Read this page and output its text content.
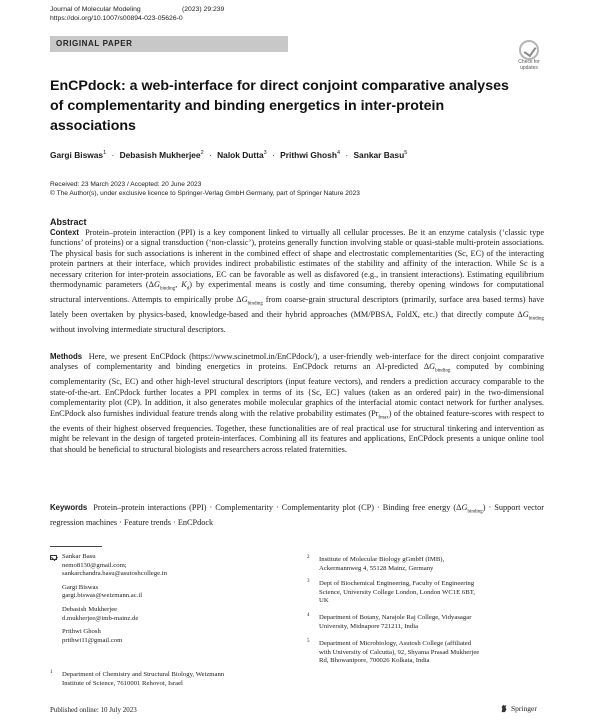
Journal of Molecular Modeling	(2023) 29:239
https://doi.org/10.1007/s00894-023-05626-0
ORIGINAL PAPER
Check for
updates
EnCPdock: a web-interface for direct conjoint comparative analyses of complementarity and binding energetics in inter-protein associations
Gargi Biswas$^1$ · Debasish Mukherjee$^2$ · Nalok Dutta$^3$ · Prithwi Ghosh$^4$ · Sankar Basu$^5$
Received: 23 March 2023 / Accepted: 20 June 2023
© The Author(s), under exclusive licence to Springer-Verlag GmbH Germany, part of Springer Nature 2023
Abstract

Context Protein–protein interaction (PPI) is a key component linked to virtually all cellular processes. Be it an enzyme catalysis (‘classic type functions’ of proteins) or a signal transduction (‘non-classic’), proteins generally function involving stable or quasi-stable multi-protein associations. The physical basis for such associations is inherent in the combined effect of shape and electrostatic complementarities (Sc, EC) of the interacting protein partners at their interface, which provides indirect probabilistic estimates of the stability and affinity of the interaction. While Sc is a necessary criterion for inter-protein associations, EC can be favorable as well as disfavored (e.g., in transient interactions). Estimating equilibrium thermodynamic parameters ($\Delta G_{binding}$, $K_d$) by experimental means is costly and time consuming, thereby opening windows for computational structural interventions. Attempts to empirically probe $\Delta G_{binding}$ from coarse-grain structural descriptors (primarily, surface area based terms) have lately been overtaken by physics-based, knowledge-based and their hybrid approaches (MM/PBSA, FoldX, etc.) that directly compute $\Delta G_{binding}$ without involving intermediate structural descriptors.

Methods Here, we present EnCPdock (https://www.scinetmol.in/EnCPdock/), a user-friendly web-interface for the direct conjoint comparative analyses of complementarity and binding energetics in proteins. EnCPdock returns an AI-predicted $\Delta G_{binding}$ computed by combining complementarity (Sc, EC) and other high-level structural descriptors (input feature vectors), and renders a prediction accuracy comparable to the state-of-the-art. EnCPdock further locates a PPI complex in terms of its {Sc, EC} values (taken as an ordered pair) in the two-dimensional complementarity plot (CP). In addition, it also generates mobile molecular graphics of the interfacial atomic contact network for further analyses. EnCPdock also furnishes individual feature trends along with the relative probability estimates $(Pr_{fmax})$ of the obtained feature-scores with respect to the events of their highest observed frequencies. Together, these functionalities are of real practical use for structural tinkering and intervention as might be relevant in the design of targeted protein-interfaces. Combining all its features and applications, EnCPdock presents a unique online tool that should be beneficial to structural biologists and researchers across related fraternities.

Keywords Protein–protein interactions (PPI) · Complementarity · Complementarity plot (CP) · Binding free energy $(\Delta G_{binding})$ · Support vector regression machines · Feature trends · EnCPdock

Sankar Basu
nemo8130@gmail.com;
sankarchandra.basu@asutoshcollege.in
Gargi Biswas
gargi.biswas@weizmann.ac.il
Debasish Mukherjee
d.mukherjee@imb-mainz.de
Prithwi Ghosh
prithwi11@gmail.com
1 Department of Chemistry and Structural Biology, Weizmann
Institute of Science, 7610001 Rehovot, Israel
2 Institute of Molecular Biology gGmbH (IMB),
Ackermannweg 4, 55128 Mainz, Germany
3 Dept of Biochemical Engineering, Faculty of Engineering
Science, University College London, London WC1E 6BT,
UK
4 Department of Botany, Narajole Raj College, Vidyasagar
University, Midnapore 721211, India
5 Department of Microbiology, Asutosh College (affiliated
with University of Calcutta), 92, Shyama Prasad Mukherjee
Rd, Bhowanipore, 700026 Kolkata, India
Published online: 10 July 2023	Springer
